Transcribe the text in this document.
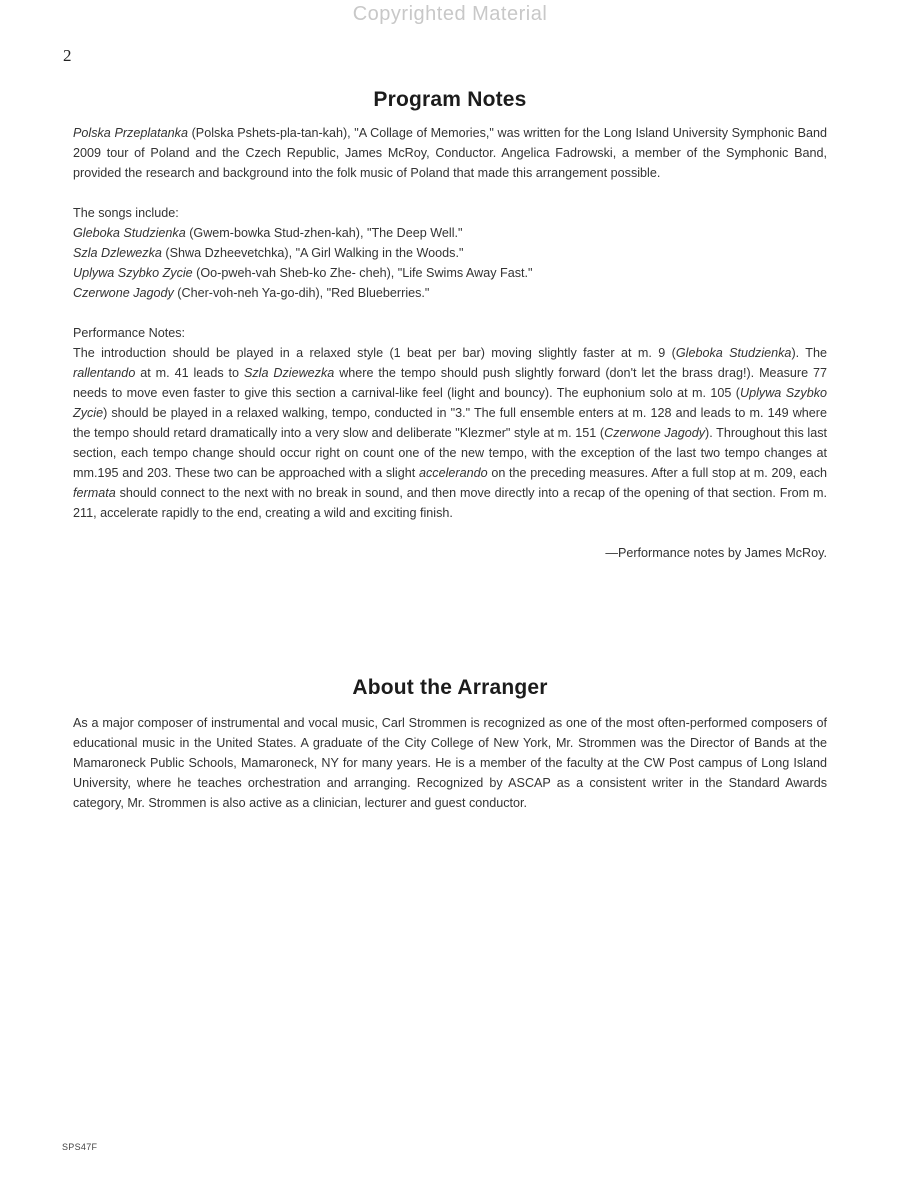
Copyrighted Material
2
Program Notes

Polska Przeplatanka (Polska Pshets-pla-tan-kah), "A Collage of Memories," was written for the Long Island University Symphonic Band 2009 tour of Poland and the Czech Republic, James McRoy, Conductor. Angelica Fadrowski, a member of the Symphonic Band, provided the research and background into the folk music of Poland that made this arrangement possible.

The songs include:
Gleboka Studzienka (Gwem-bowka Stud-zhen-kah), "The Deep Well."
Szla Dzlewezka (Shwa Dzheevetchka), "A Girl Walking in the Woods."
Uplywa Szybko Zycie (Oo-pweh-vah Sheb-ko Zhe- cheh), "Life Swims Away Fast."
Czerwone Jagody (Cher-voh-neh Ya-go-dih), "Red Blueberries."
Performance Notes:

The introduction should be played in a relaxed style (1 beat per bar) moving slightly faster at m. 9 (Gleboka Studzienka). The rallentando at m. 41 leads to Szla Dziewezka where the tempo should push slightly forward (don't let the brass drag!). Measure 77 needs to move even faster to give this section a carnival-like feel (light and bouncy). The euphonium solo at m. 105 (Uplywa Szybko Zycie) should be played in a relaxed walking, tempo, conducted in "3." The full ensemble enters at m. 128 and leads to m. 149 where the tempo should retard dramatically into a very slow and deliberate "Klezmer" style at m. 151 (Czerwone Jagody). Throughout this last section, each tempo change should occur right on count one of the new tempo, with the exception of the last two tempo changes at mm.195 and 203. These two can be approached with a slight accelerando on the preceding measures. After a full stop at m. 209, each fermata should connect to the next with no break in sound, and then move directly into a recap of the opening of that section. From m. 211, accelerate rapidly to the end, creating a wild and exciting finish.

—Performance notes by James McRoy.
About the Arranger

As a major composer of instrumental and vocal music, Carl Strommen is recognized as one of the most often-performed composers of educational music in the United States. A graduate of the City College of New York, Mr. Strommen was the Director of Bands at the Mamaroneck Public Schools, Mamaroneck, NY for many years. He is a member of the faculty at the CW Post campus of Long Island University, where he teaches orchestration and arranging. Recognized by ASCAP as a consistent writer in the Standard Awards category, Mr. Strommen is also active as a clinician, lecturer and guest conductor.

SPS47F
